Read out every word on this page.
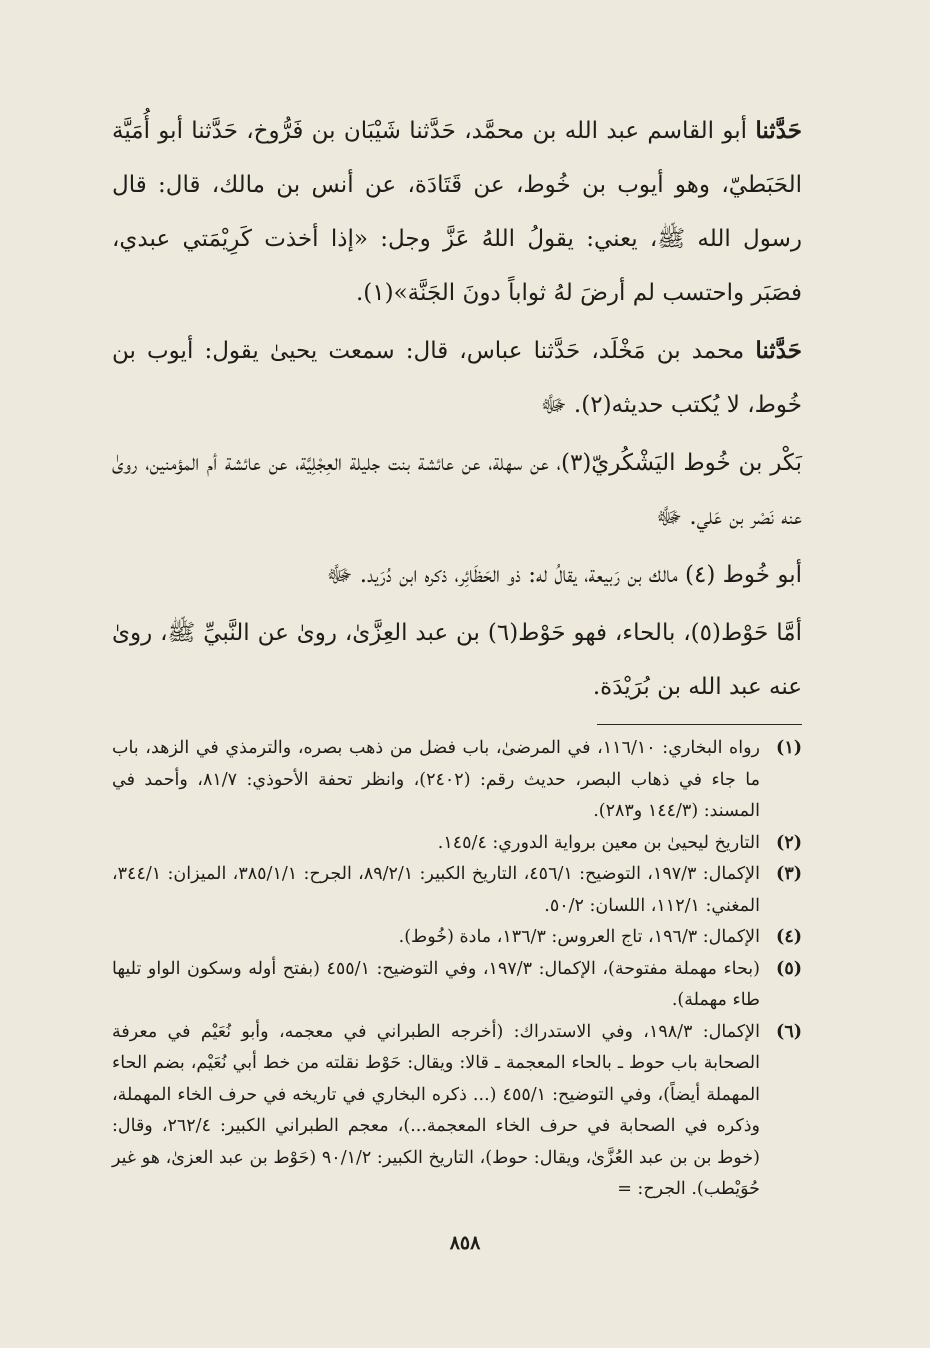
حَدَّثنا أبو القاسم عبد الله بن محمَّد، حَدَّثنا شَيْبَان بن فَرُّوخ، حَدَّثنا أبو أُمَيَّة الحَبَطيّ، وهو أيوب بن خُوط، عن قَتَادَة، عن أنس بن مالك، قال: قال رسول الله ﷺ، يعني: يقولُ اللهُ عَزَّ وجل: «إذا أخذت كَرِيْمَتي عبدي، فصَبَر واحتسب لم أرضَ لهُ ثواباً دونَ الجَنَّة»(١).

حَدَّثنا محمد بن مَخْلَد، حَدَّثنا عباس، قال: سمعت يحيىٰ يقول: أيوب بن خُوط، لا يُكتب حديثه(٢). ﷻ

بَكْر بن خُوط اليَشْكُريّ(٣)، عن سهلة، عن عائشة بنت جليلة العِجْلِيَّة، عن عائشة أم المؤمنين، روىٰ عنه نَصْر بن عَلي. ﷻ

أبو خُوط (٤) مالك بن رَبيعة، يقالُ له: ذو الحَظَائِر، ذكره ابن دُرَيد. ﷻ

أمَّا حَوْط(٥)، بالحاء، فهو حَوْط(٦) بن عبد العِزَّىٰ، روىٰ عن النَّبيِّ ﷺ، روىٰ عنه عبد الله بن بُرَيْدَة.

(١)
رواه البخاري: ١١٦/١٠، في المرضىٰ، باب فضل من ذهب بصره، والترمذي في الزهد، باب ما جاء في ذهاب البصر، حديث رقم: (٢٤٠٢)، وانظر تحفة الأحوذي: ٨١/٧، وأحمد في المسند: (١٤٤/٣ و٢٨٣).
(٢)
التاريخ ليحيىٰ بن معين برواية الدوري: ١٤٥/٤.
(٣)
الإكمال: ١٩٧/٣، التوضيح: ٤٥٦/١، التاريخ الكبير: ٨٩/٢/١، الجرح: ٣٨٥/١/١، الميزان: ٣٤٤/١، المغني: ١١٢/١، اللسان: ٥٠/٢.
(٤)
الإكمال: ١٩٦/٣، تاج العروس: ١٣٦/٣، مادة (خُوط).
(٥)
(بحاء مهملة مفتوحة)، الإكمال: ١٩٧/٣، وفي التوضيح: ٤٥٥/١ (بفتح أوله وسكون الواو تليها طاء مهملة).
(٦)
الإكمال: ١٩٨/٣، وفي الاستدراك: (أخرجه الطبراني في معجمه، وأبو نُعَيْم في معرفة الصحابة باب حوط ـ بالحاء المعجمة ـ قالا: ويقال: حَوْط نقلته من خط أبي نُعَيْم، بضم الحاء المهملة أيضاً)، وفي التوضيح: ٤٥٥/١ (... ذكره البخاري في تاريخه في حرف الخاء المهملة، وذكره في الصحابة في حرف الخاء المعجمة...)، معجم الطبراني الكبير: ٢٦٢/٤، وقال: (خوط بن بن عبد العُزَّىٰ، ويقال: حوط)، التاريخ الكبير: ٩٠/١/٢ (حَوْط بن عبد العزىٰ، هو غير حُوَيْطب). الجرح: =
٨٥٨
